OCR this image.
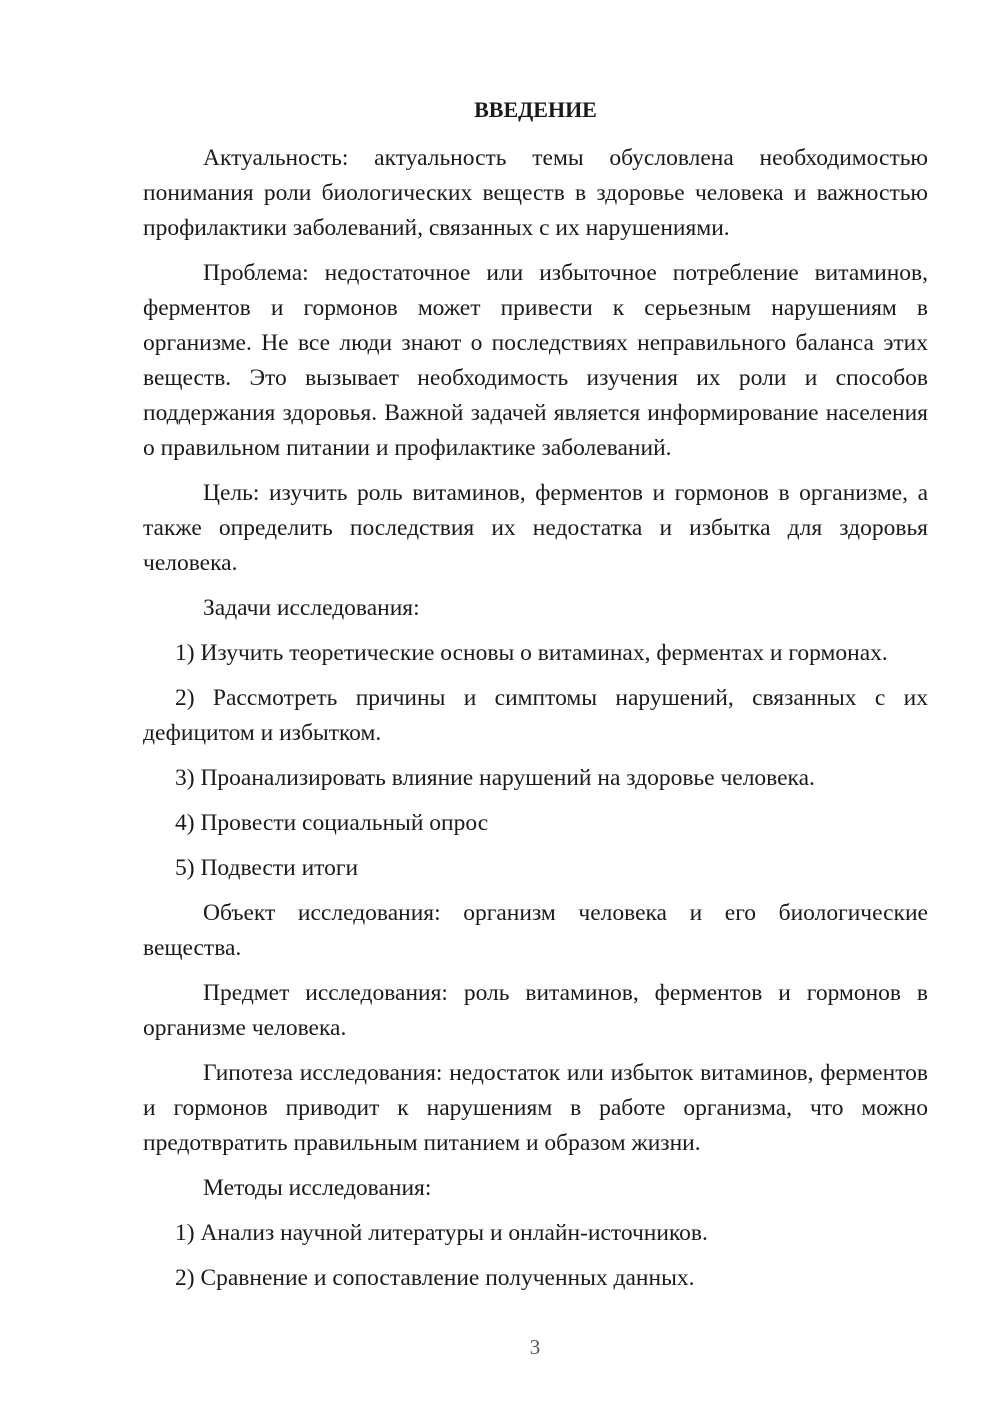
ВВЕДЕНИЕ

Актуальность: актуальность темы обусловлена необходимостью понимания роли биологических веществ в здоровье человека и важностью профилактики заболеваний, связанных с их нарушениями.

Проблема: недостаточное или избыточное потребление витаминов, ферментов и гормонов может привести к серьезным нарушениям в организме. Не все люди знают о последствиях неправильного баланса этих веществ. Это вызывает необходимость изучения их роли и способов поддержания здоровья. Важной задачей является информирование населения о правильном питании и профилактике заболеваний.

Цель: изучить роль витаминов, ферментов и гормонов в организме, а также определить последствия их недостатка и избытка для здоровья человека.

Задачи исследования:

1) Изучить теоретические основы о витаминах, ферментах и гормонах.

2) Рассмотреть причины и симптомы нарушений, связанных с их дефицитом и избытком.

3) Проанализировать влияние нарушений на здоровье человека.

4) Провести социальный опрос

5) Подвести итоги

Объект исследования: организм человека и его биологические вещества.

Предмет исследования: роль витаминов, ферментов и гормонов в организме человека.

Гипотеза исследования: недостаток или избыток витаминов, ферментов и гормонов приводит к нарушениям в работе организма, что можно предотвратить правильным питанием и образом жизни.

Методы исследования:

1) Анализ научной литературы и онлайн-источников.

2) Сравнение и сопоставление полученных данных.

3
